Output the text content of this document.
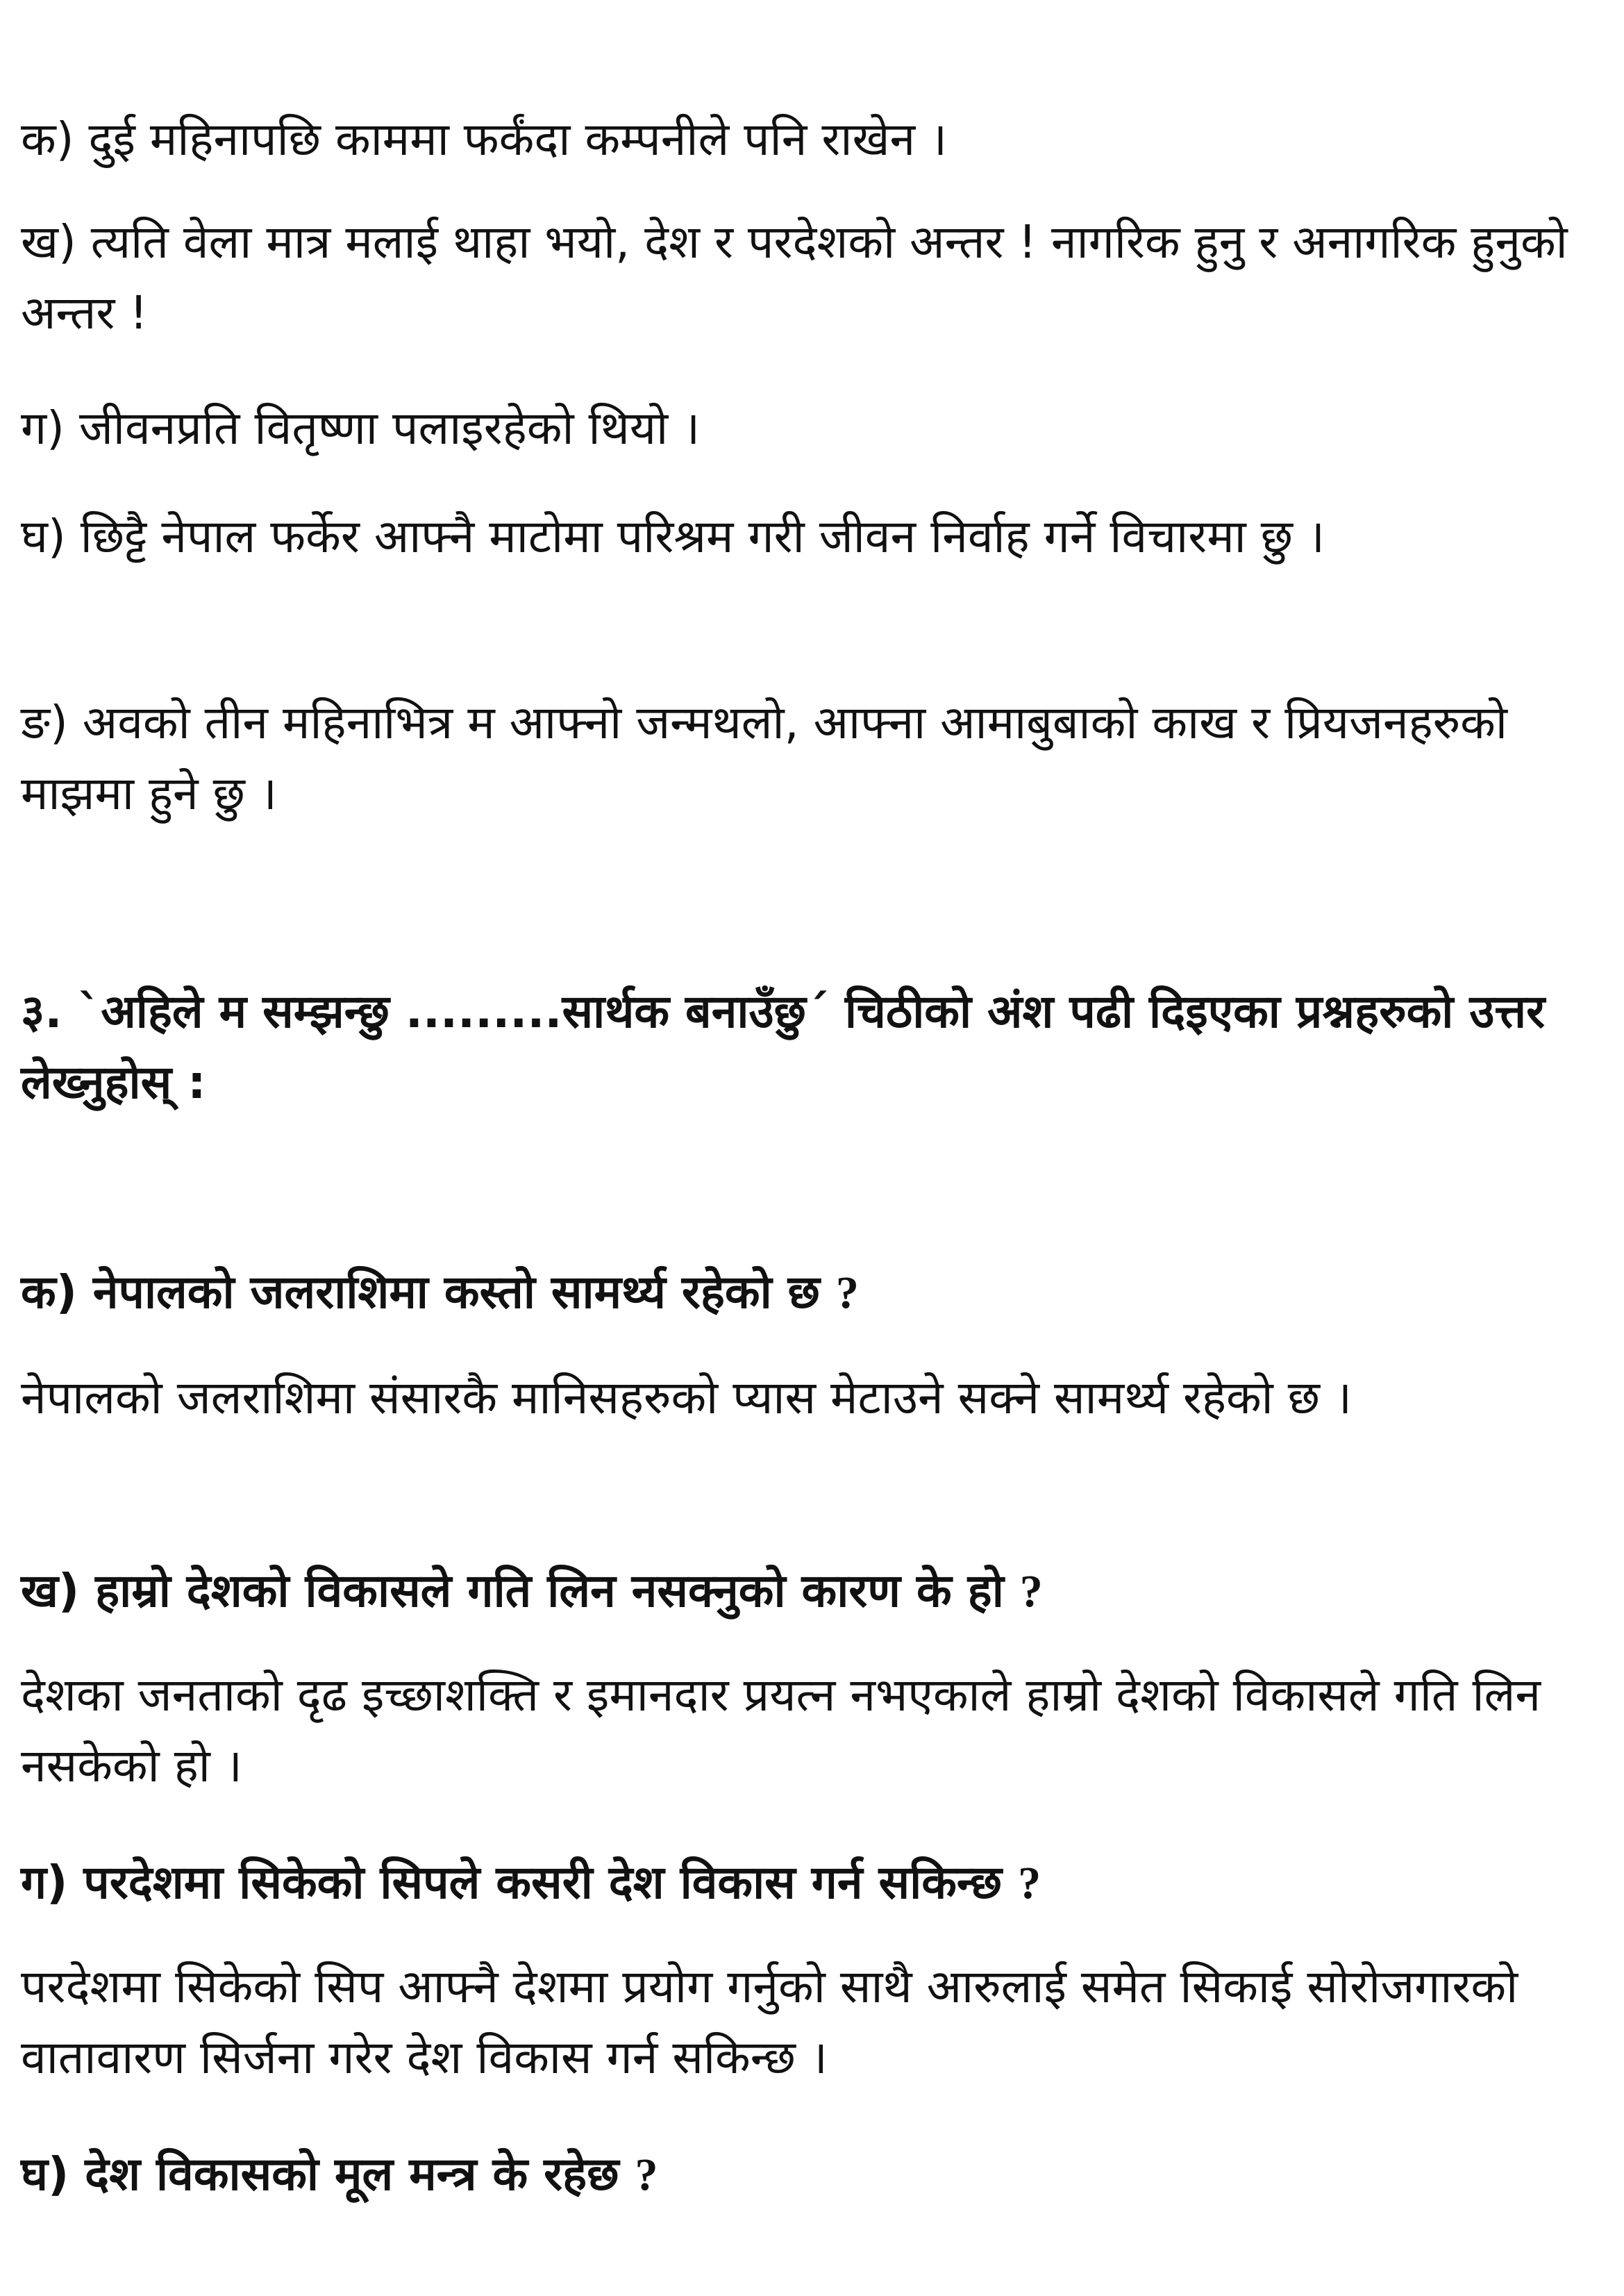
क) दुई महिनापछि काममा फर्कंदा कम्पनीले पनि राखेन ।

ख) त्यति वेला मात्र मलाई थाहा भयो, देश र परदेशको अन्तर ! नागरिक हुनु र अनागरिक हुनुको अन्तर !

ग) जीवनप्रति वितृष्णा पलाइरहेको थियो ।

घ) छिट्टै नेपाल फर्केर आफ्नै माटोमा परिश्रम गरी जीवन निर्वाह गर्ने विचारमा छु ।

ङ) अवको तीन महिनाभित्र म आफ्नो जन्मथलो, आफ्ना आमाबुबाको काख र प्रियजनहरुको माझमा हुने छु ।

३. `अहिले म सम्झन्छु .........सार्थक बनाउँछु´ चिठीको अंश पढी दिइएका प्रश्नहरुको उत्तर लेख्नुहोस् :

क) नेपालको जलराशिमा कस्तो सामर्थ्य रहेको छ ?

नेपालको जलराशिमा संसारकै मानिसहरुको प्यास मेटाउने सक्ने सामर्थ्य रहेको छ ।

ख) हाम्रो देशको विकासले गति लिन नसक्नुको कारण के हो ?

देशका जनताको दृढ इच्छाशक्ति र इमानदार प्रयत्न नभएकाले हाम्रो देशको विकासले गति लिन नसकेको हो ।

ग) परदेशमा सिकेको सिपले कसरी देश विकास गर्न सकिन्छ ?

परदेशमा सिकेको सिप आफ्नै देशमा प्रयोग गर्नुको साथै आरुलाई समेत सिकाई सोरोजगारको वातावारण सिर्जना गरेर देश विकास गर्न सकिन्छ ।

घ) देश विकासको मूल मन्त्र के रहेछ ?
